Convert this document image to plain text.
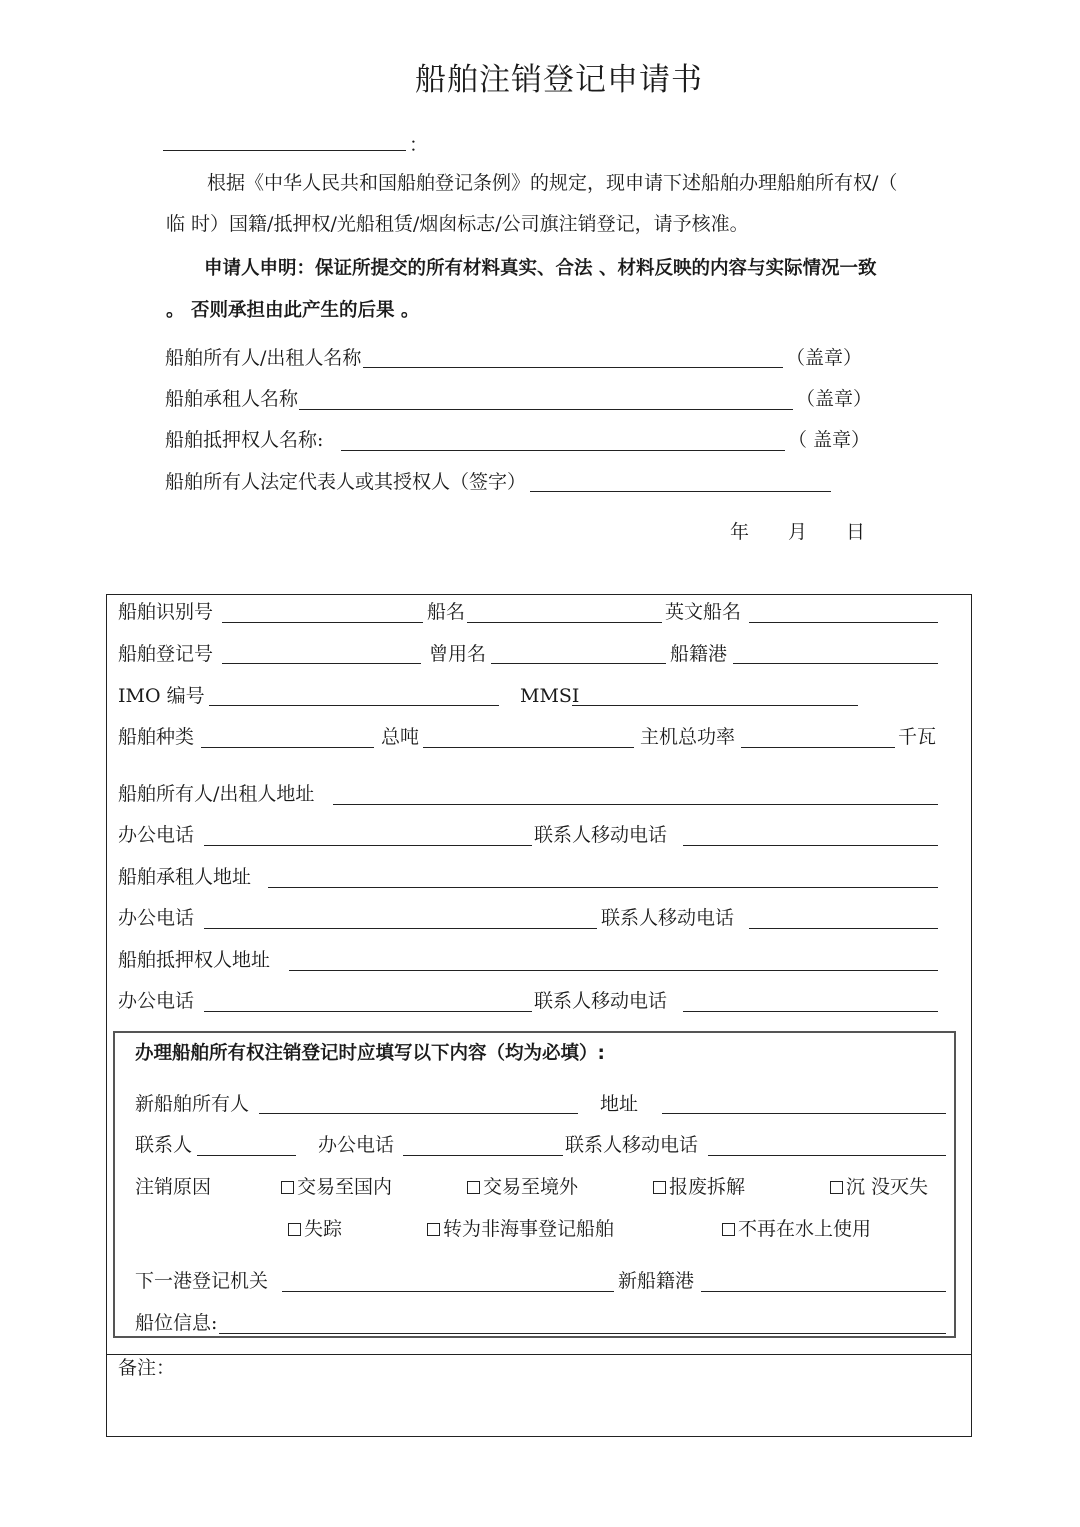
船舶注销登记申请书
：
根据《中华人民共和国船舶登记条例》的规定，现申请下述船舶办理船舶所有权/（
临 时）国籍/抵押权/光船租赁/烟囱标志/公司旗注销登记，请予核准。
申请人申明：保证所提交的所有材料真实、合法 、材料反映的内容与实际情况一致
。 否则承担由此产生的后果 。
船舶所有人/出租人名称	（盖章）
船舶承租人名称	（盖章）
船舶抵押权人名称:	（ 盖章）
船舶所有人法定代表人或其授权人（签字）
年 月 日
船舶识别号	船名	英文船名
船舶登记号	曾用名	船籍港
IMO 编号	MMSI
船舶种类	总吨	主机总功率	千瓦
船舶所有人/出租人地址
办公电话	联系人移动电话
船舶承租人地址
办公电话	联系人移动电话
船舶抵押权人地址
办公电话	联系人移动电话
办理船舶所有权注销登记时应填写以下内容（均为必填）:
新船舶所有人	地址
联系人	办公电话	联系人移动电话
注销原因	交易至国内	交易至境外	报废拆解	沉 没灭失
失踪	转为非海事登记船舶	不再在水上使用
下一港登记机关	新船籍港
船位信息:
备注：
